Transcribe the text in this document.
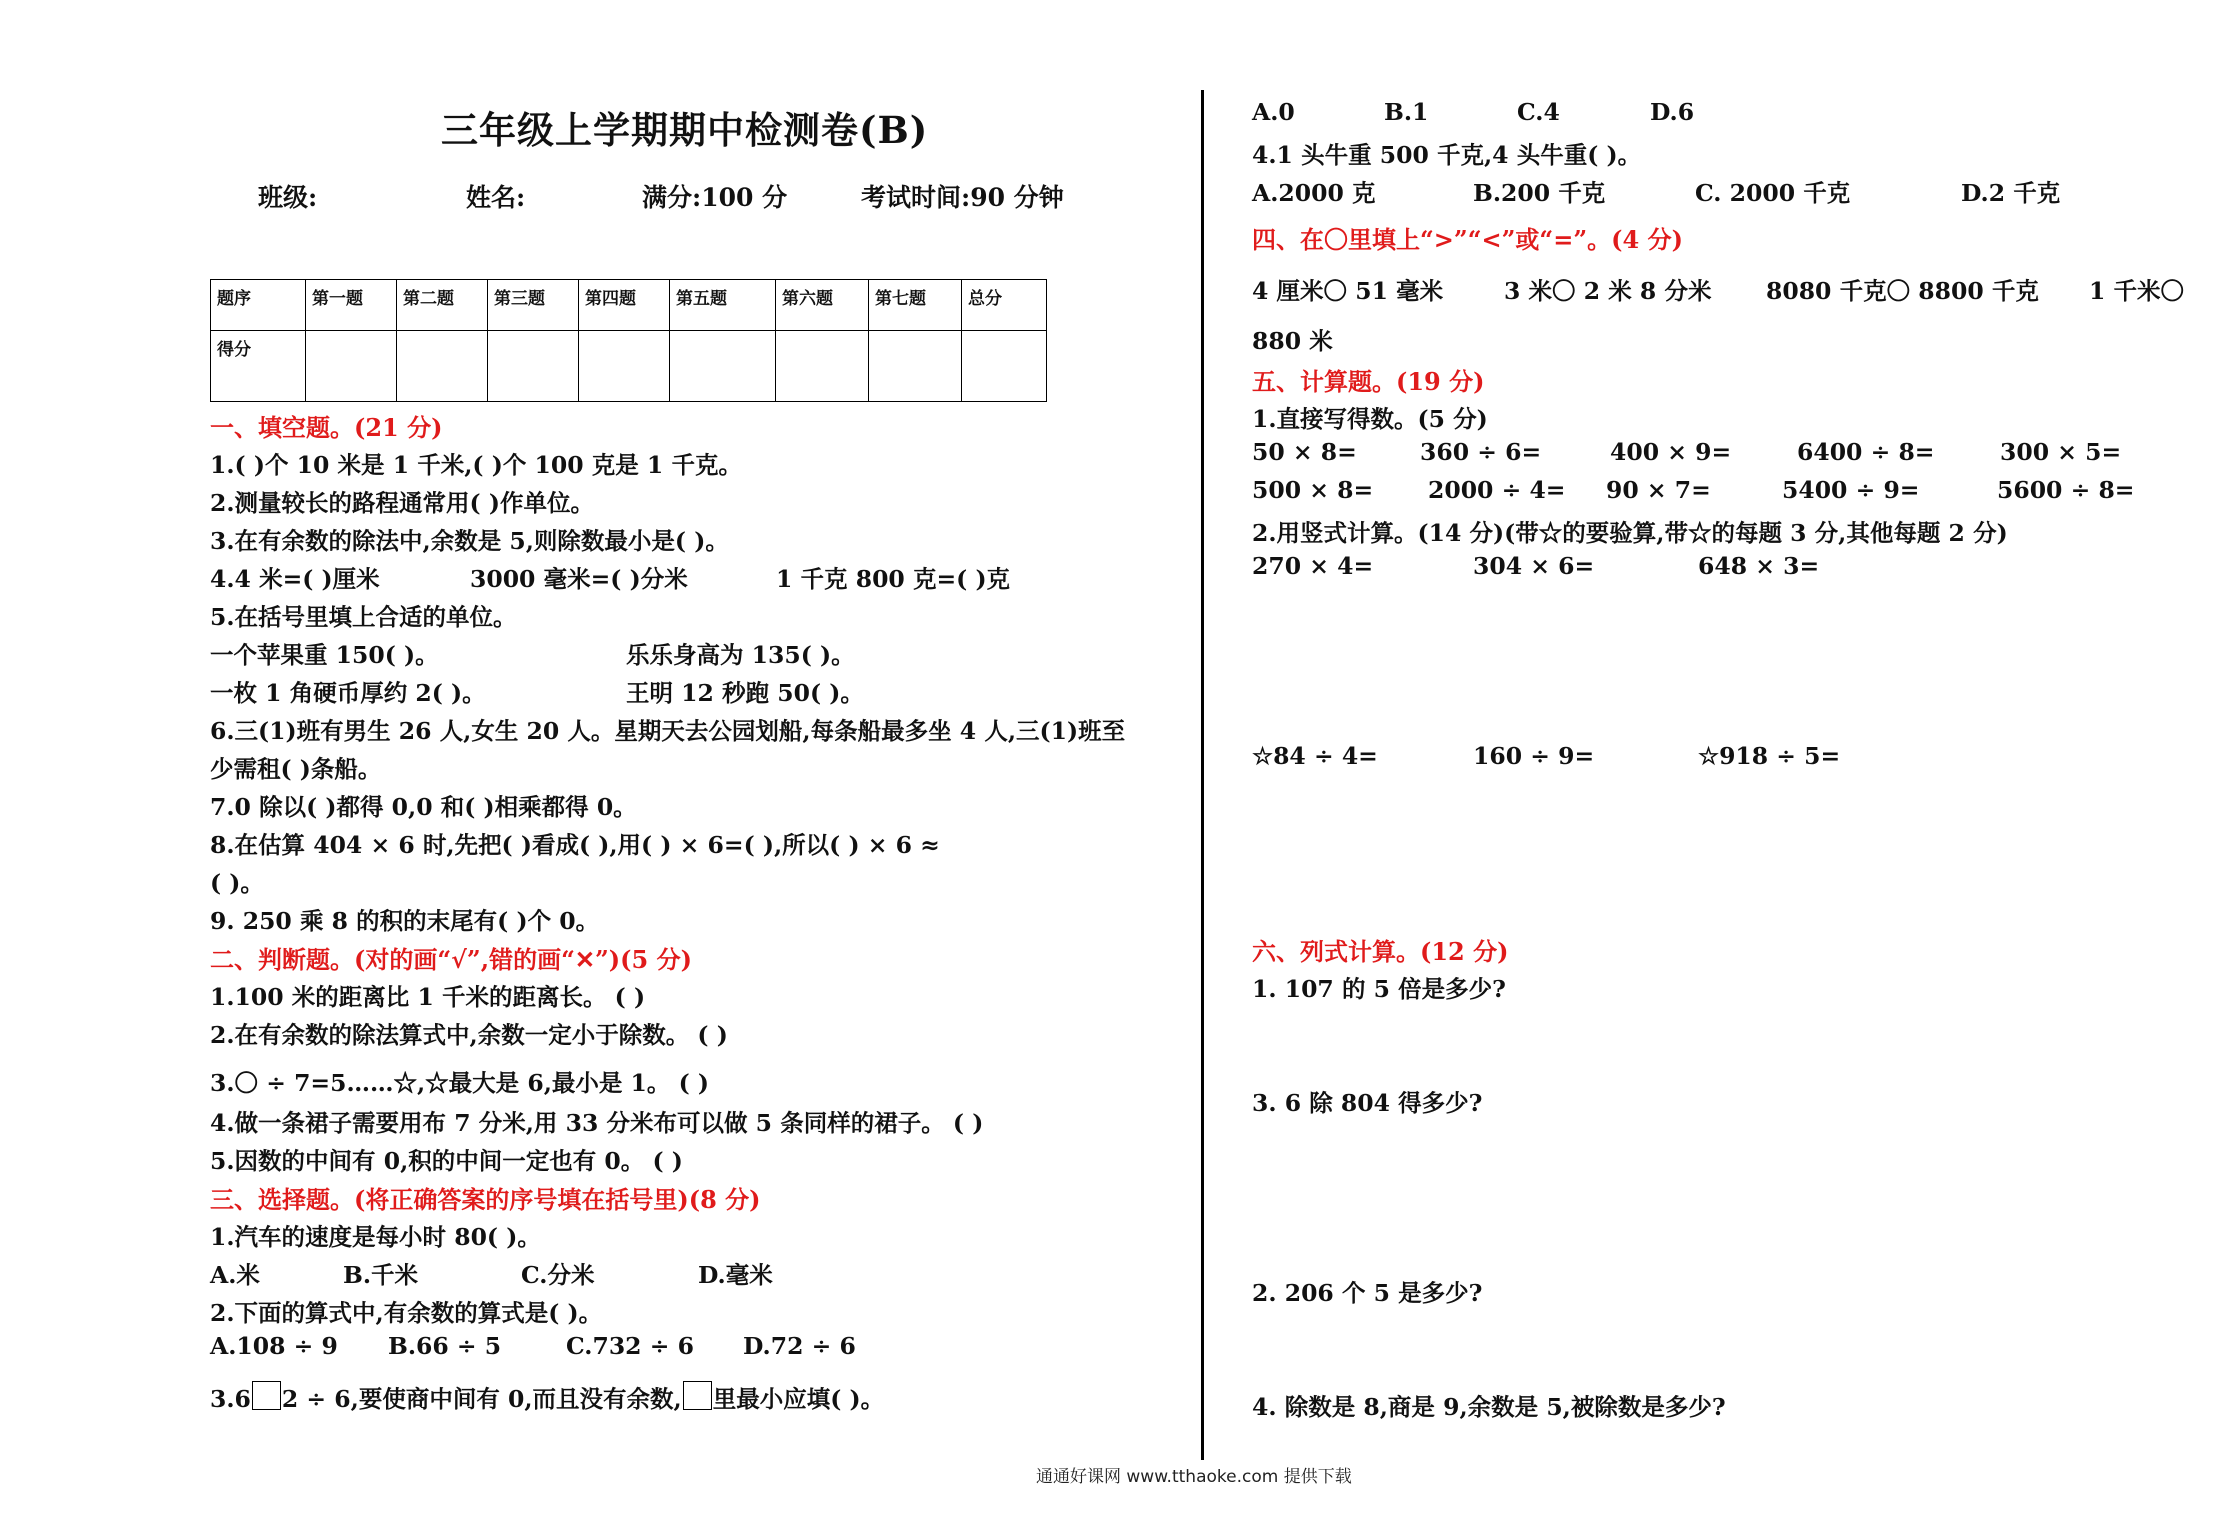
三年级上学期期中检测卷(B)
班级:	姓名:	满分:100 分	考试时间:90 分钟
题序	第一题	第二题	第三题	第四题	第五题	第六题	第七题	总分
得分								
一、填空题。(21 分)
1.( )个 10 米是 1 千米,( )个 100 克是 1 千克。
2.测量较长的路程通常用( )作单位。
3.在有余数的除法中,余数是 5,则除数最小是( )。
4.4 米=( )厘米	3000 毫米=( )分米	1 千克 800 克=( )克
5.在括号里填上合适的单位。
一个苹果重 150( )。	乐乐身高为 135( )。
一枚 1 角硬币厚约 2( )。	王明 12 秒跑 50( )。
6.三(1)班有男生 26 人,女生 20 人。星期天去公园划船,每条船最多坐 4 人,三(1)班至
少需租( )条船。
7.0 除以( )都得 0,0 和( )相乘都得 0。
8.在估算 404 × 6 时,先把( )看成( ),用( ) × 6=( ),所以( ) × 6 ≈
( )。
9. 250 乘 8 的积的末尾有( )个 0。
二、判断题。(对的画“√”,错的画“✕”)(5 分)
1.100 米的距离比 1 千米的距离长。 ( )
2.在有余数的除法算式中,余数一定小于除数。 ( )
3.〇 ÷ 7=5……☆,☆最大是 6,最小是 1。 ( )
4.做一条裙子需要用布 7 分米,用 33 分米布可以做 5 条同样的裙子。 ( )
5.因数的中间有 0,积的中间一定也有 0。 ( )
三、选择题。(将正确答案的序号填在括号里)(8 分)
1.汽车的速度是每小时 80( )。
A.米	B.千米	C.分米	D.毫米
2.下面的算式中,有余数的算式是( )。
A.108 ÷ 9 B.66 ÷ 5	C.732 ÷ 6 D.72 ÷ 6
3.6 2 ÷ 6,要使商中间有 0,而且没有余数, 里最小应填( )。
A.0	B.1	C.4	D.6
4.1 头牛重 500 千克,4 头牛重( )。
A.2000 克	B.200 千克	C. 2000 千克	D.2 千克
四、在〇里填上“>”“<”或“=”。(4 分)
4 厘米〇 51 毫米	3 米〇 2 米 8 分米 8080 千克〇 8800 千克 1 千米〇
880 米
五、计算题。(19 分)
1.直接写得数。(5 分)
50 × 8=	360 ÷ 6=	400 × 9=	6400 ÷ 8=	300 × 5=
500 × 8= 2000 ÷ 4= 90 × 7=	5400 ÷ 9=	5600 ÷ 8=
2.用竖式计算。(14 分)(带☆的要验算,带☆的每题 3 分,其他每题 2 分)
270 × 4=	304 × 6=	648 × 3=
☆84 ÷ 4=	160 ÷ 9=	☆918 ÷ 5=
六、列式计算。(12 分)
1. 107 的 5 倍是多少?
3. 6 除 804 得多少?
2. 206 个 5 是多少?
4. 除数是 8,商是 9,余数是 5,被除数是多少?
通通好课网 www.tthaoke.com 提供下载
